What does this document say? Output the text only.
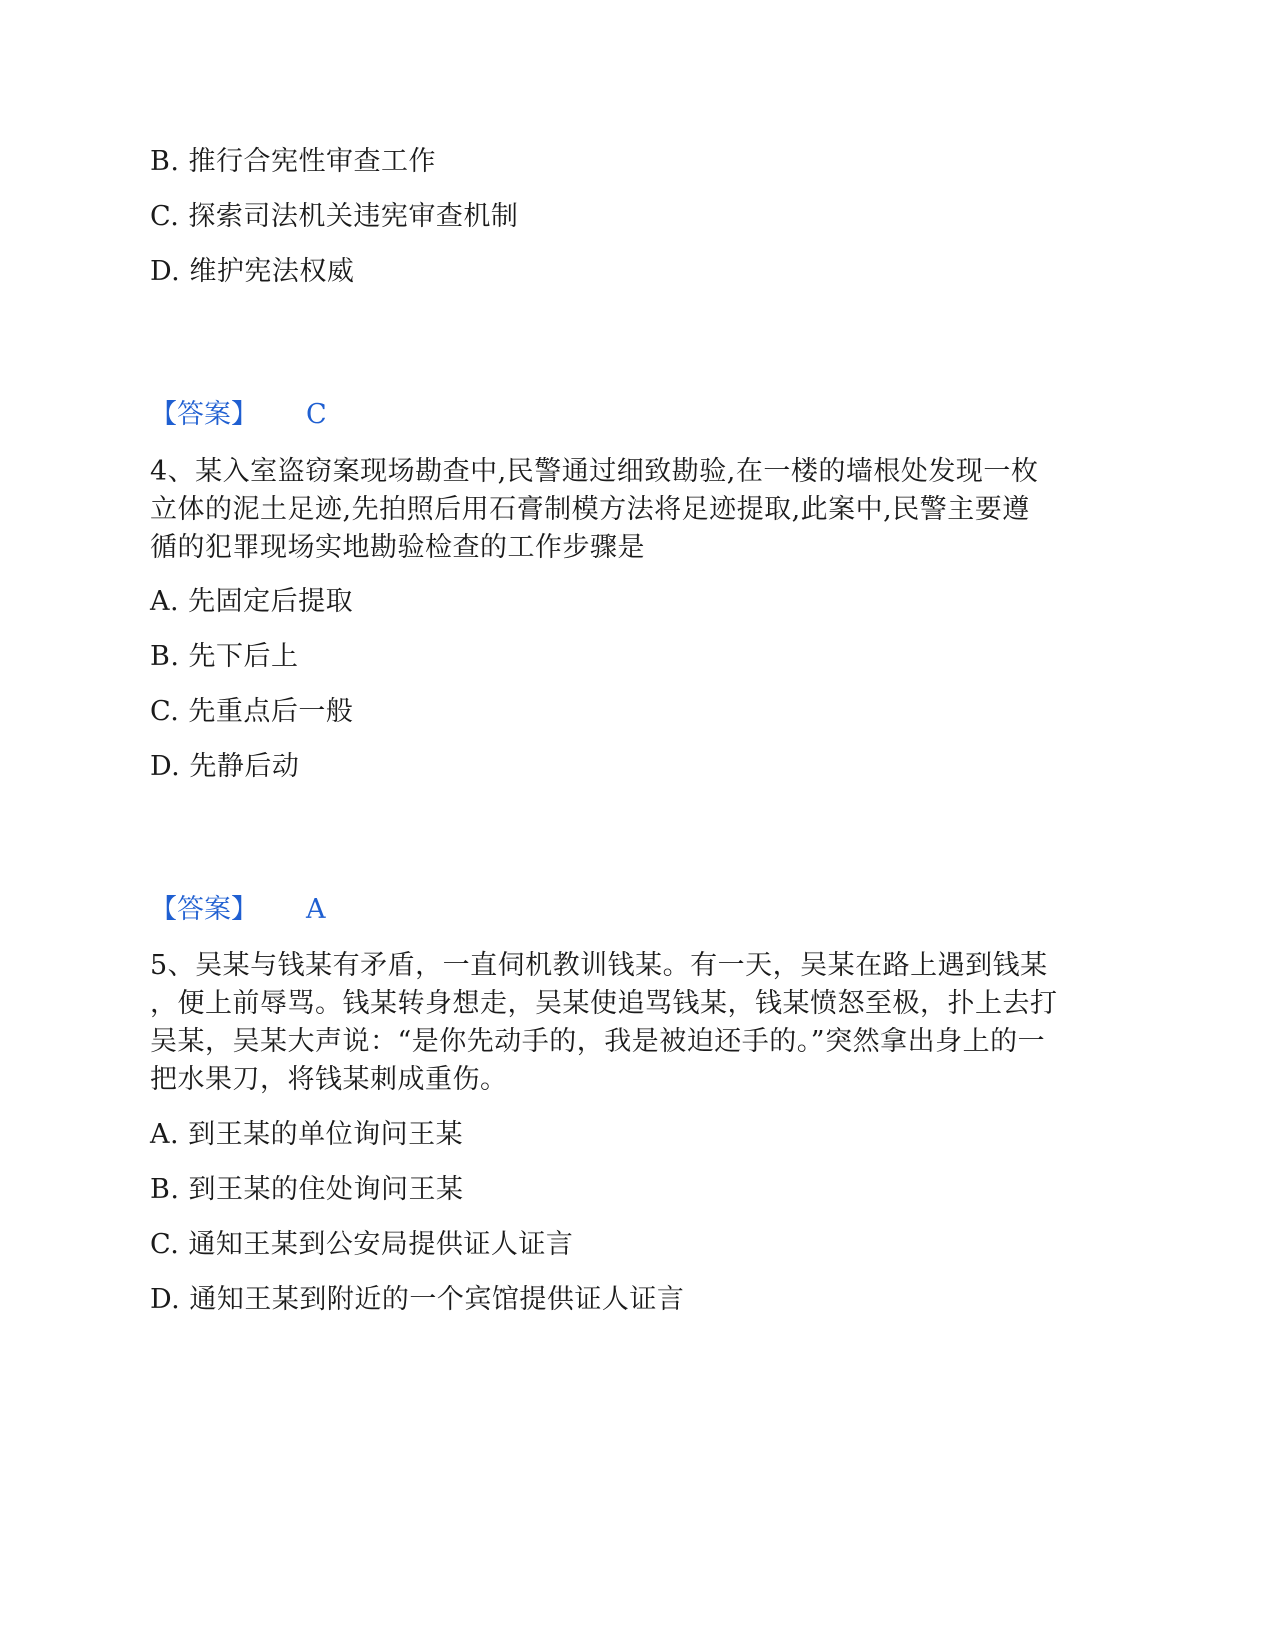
B. 推行合宪性审查工作
C. 探索司法机关违宪审查机制
D. 维护宪法权威
【答案】 C
4、某入室盗窃案现场勘查中,民警通过细致勘验,在一楼的墙根处发现一枚
立体的泥土足迹,先拍照后用石膏制模方法将足迹提取,此案中,民警主要遵
循的犯罪现场实地勘验检查的工作步骤是
A. 先固定后提取
B. 先下后上
C. 先重点后一般
D. 先静后动
【答案】 A
5、吴某与钱某有矛盾，一直伺机教训钱某。有一天，吴某在路上遇到钱某
，便上前辱骂。钱某转身想走，吴某使追骂钱某，钱某愤怒至极，扑上去打
吴某，吴某大声说：“是你先动手的，我是被迫还手的。”突然拿出身上的一
把水果刀，将钱某刺成重伤。
A. 到王某的单位询问王某
B. 到王某的住处询问王某
C. 通知王某到公安局提供证人证言
D. 通知王某到附近的一个宾馆提供证人证言
